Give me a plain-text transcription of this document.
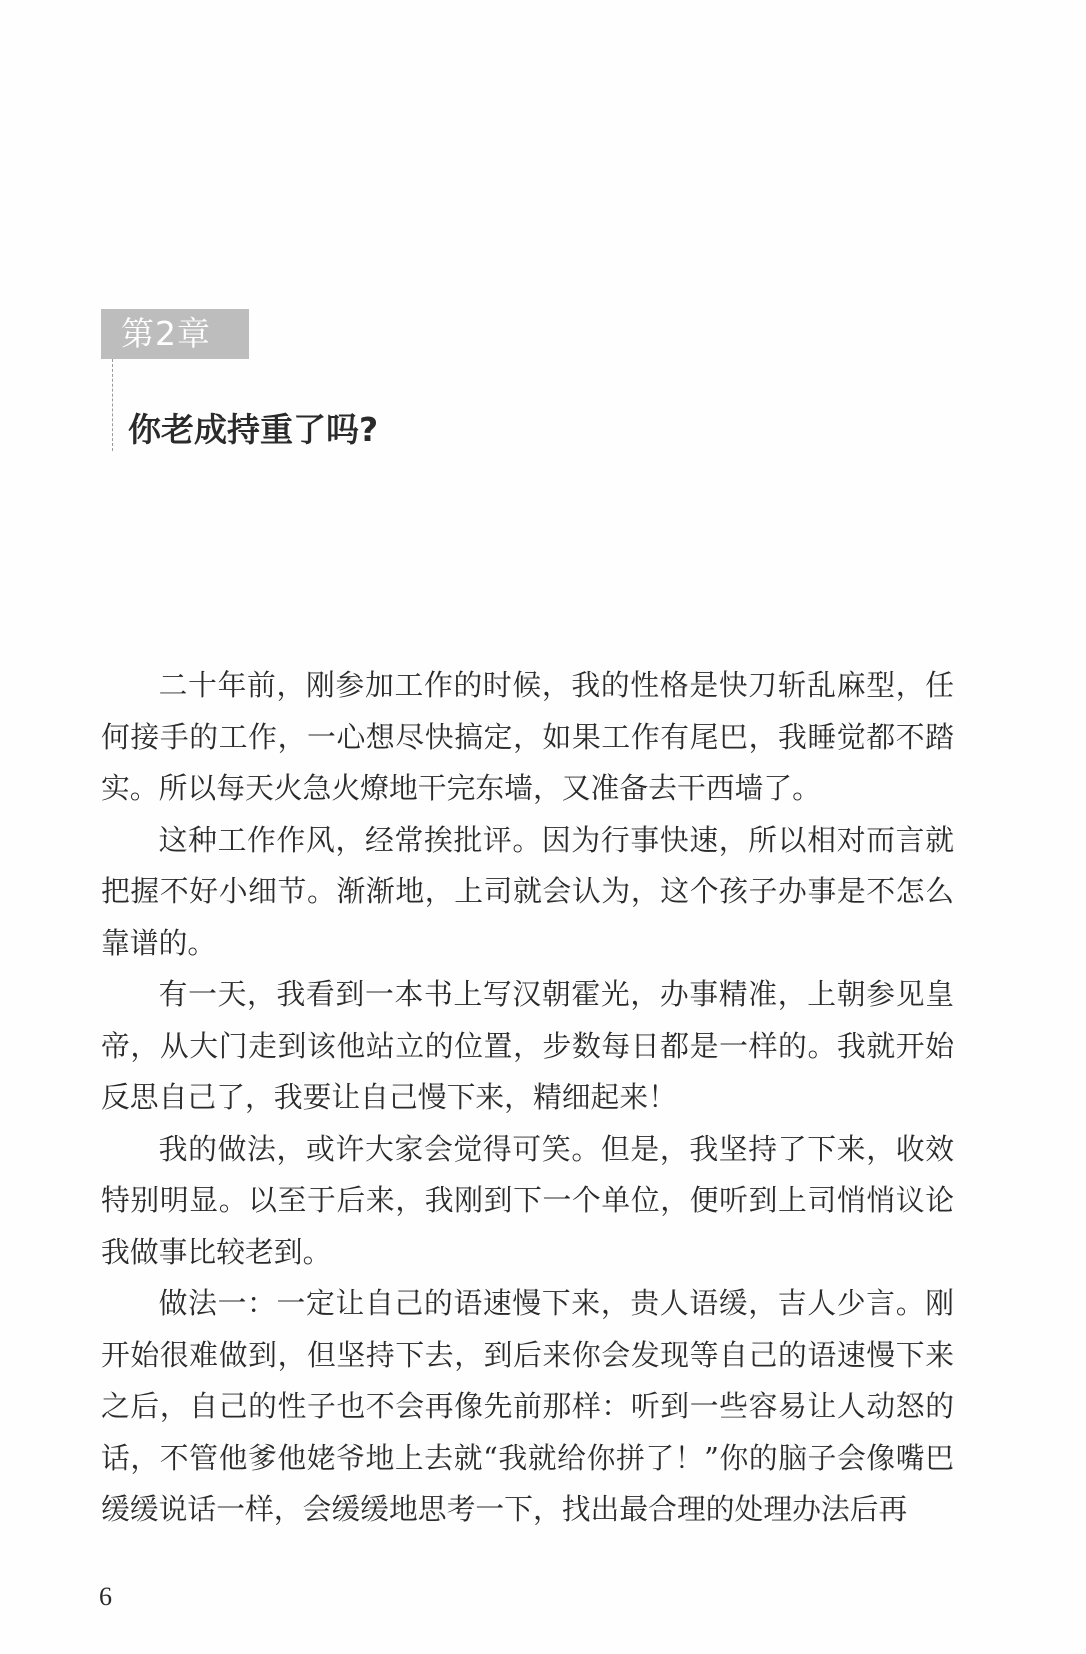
第2章
你老成持重了吗?

二十年前，刚参加工作的时候，我的性格是快刀斩乱麻型，任何接手的工作，一心想尽快搞定，如果工作有尾巴，我睡觉都不踏实。所以每天火急火燎地干完东墙，又准备去干西墙了。

这种工作作风，经常挨批评。因为行事快速，所以相对而言就把握不好小细节。渐渐地，上司就会认为，这个孩子办事是不怎么靠谱的。

有一天，我看到一本书上写汉朝霍光，办事精准，上朝参见皇帝，从大门走到该他站立的位置，步数每日都是一样的。我就开始反思自己了，我要让自己慢下来，精细起来！

我的做法，或许大家会觉得可笑。但是，我坚持了下来，收效特别明显。以至于后来，我刚到下一个单位，便听到上司悄悄议论我做事比较老到。

做法一：一定让自己的语速慢下来，贵人语缓，吉人少言。刚开始很难做到，但坚持下去，到后来你会发现等自己的语速慢下来之后，自己的性子也不会再像先前那样：听到一些容易让人动怒的话，不管他爹他姥爷地上去就“我就给你拼了！”你的脑子会像嘴巴缓缓说话一样，会缓缓地思考一下，找出最合理的处理办法后再

6
